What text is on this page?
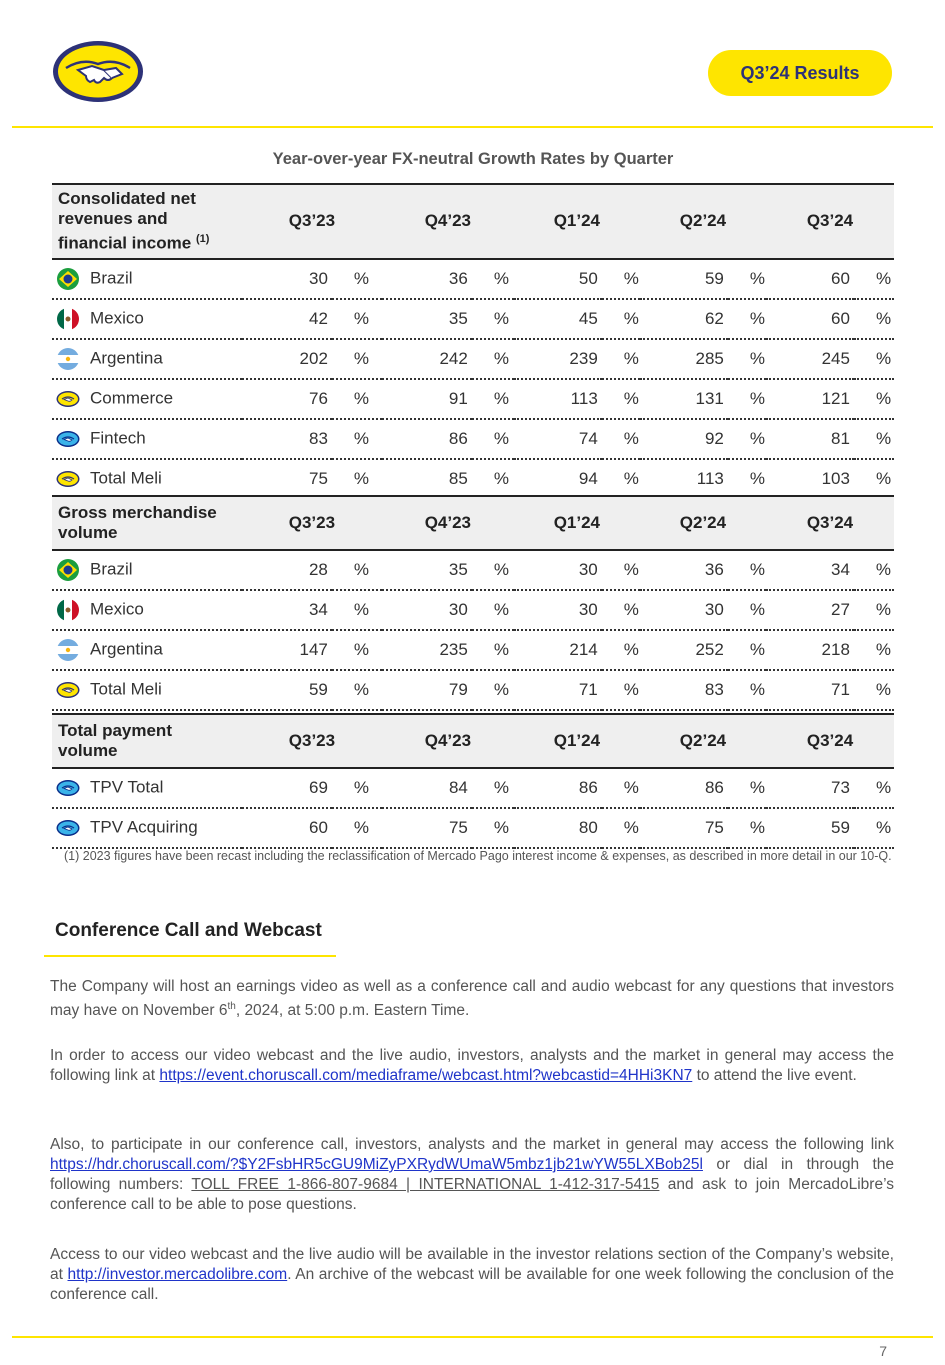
Q3’24 Results
Year-over-year FX-neutral Growth Rates by Quarter
Consolidated net revenues and financial income $^{(1)}$	Q3’23		Q4’23		Q1’24		Q2’24		Q3’24	

Brazil	30	%	36	%	50	%	59	%	60	%

Mexico	42	%	35	%	45	%	62	%	60	%

Argentina	202	%	242	%	239	%	285	%	245	%

Commerce	76	%	91	%	113	%	131	%	121	%

Fintech	83	%	86	%	74	%	92	%	81	%

Total Meli	75	%	85	%	94	%	113	%	103	%
Gross merchandise volume	Q3’23		Q4’23		Q1’24		Q2’24		Q3’24	

Brazil	28	%	35	%	30	%	36	%	34	%

Mexico	34	%	30	%	30	%	30	%	27	%

Argentina	147	%	235	%	214	%	252	%	218	%

Total Meli	59	%	79	%	71	%	83	%	71	%
Total payment volume	Q3’23		Q4’23		Q1’24		Q2’24		Q3’24	

TPV Total	69	%	84	%	86	%	86	%	73	%

TPV Acquiring	60	%	75	%	80	%	75	%	59	%
(1) 2023 figures have been recast including the reclassification of Mercado Pago interest income & expenses, as described in more detail in our 10-Q.
Conference Call and Webcast
The Company will host an earnings video as well as a conference call and audio webcast for any questions that investors may have on November 6th, 2024, at 5:00 p.m. Eastern Time.
In order to access our video webcast and the live audio, investors, analysts and the market in general may access the following link at https://event.choruscall.com/mediaframe/webcast.html?webcastid=4HHi3KN7 to attend the live event.
Also, to participate in our conference call, investors, analysts and the market in general may access the following link https://hdr.choruscall.com/?$Y2FsbHR5cGU9MiZyPXRydWUmaW5mbz1jb21wYW55LXBob25l or dial in through the following numbers: TOLL FREE 1-866-807-9684 | INTERNATIONAL 1-412-317-5415 and ask to join MercadoLibre’s conference call to be able to pose questions.
Access to our video webcast and the live audio will be available in the investor relations section of the Company’s website, at http://investor.mercadolibre.com. An archive of the webcast will be available for one week following the conclusion of the conference call.
7
